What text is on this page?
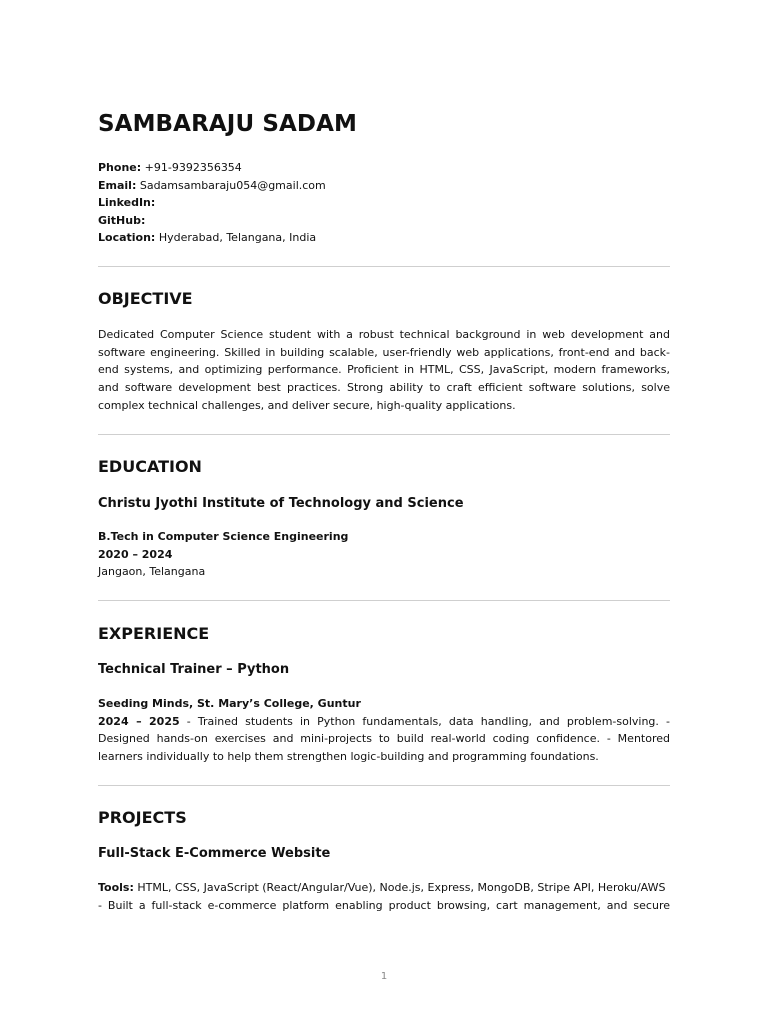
SAMBARAJU SADAM
Phone: +91-9392356354
Email: Sadamsambaraju054@gmail.com
LinkedIn:
GitHub:
Location: Hyderabad, Telangana, India
OBJECTIVE

Dedicated Computer Science student with a robust technical background in web development and software engineering. Skilled in building scalable, user-friendly web applications, front-end and back-end systems, and optimizing performance. Proficient in HTML, CSS, JavaScript, modern frameworks, and software development best practices. Strong ability to craft efficient software solutions, solve complex technical challenges, and deliver secure, high-quality applications.

EDUCATION
Christu Jyothi Institute of Technology and Science
B.Tech in Computer Science Engineering
2020 – 2024
Jangaon, Telangana
EXPERIENCE
Technical Trainer – Python
Seeding Minds, St. Mary’s College, Guntur

2024 – 2025 - Trained students in Python fundamentals, data handling, and problem-solving. - Designed hands-on exercises and mini-projects to build real-world coding confidence. - Mentored learners individually to help them strengthen logic-building and programming foundations.

PROJECTS
Full-Stack E-Commerce Website
Tools: HTML, CSS, JavaScript (React/Angular/Vue), Node.js, Express, MongoDB, Stripe API, Heroku/AWS
- Built a full-stack e-commerce platform enabling product browsing, cart management, and secure
1
